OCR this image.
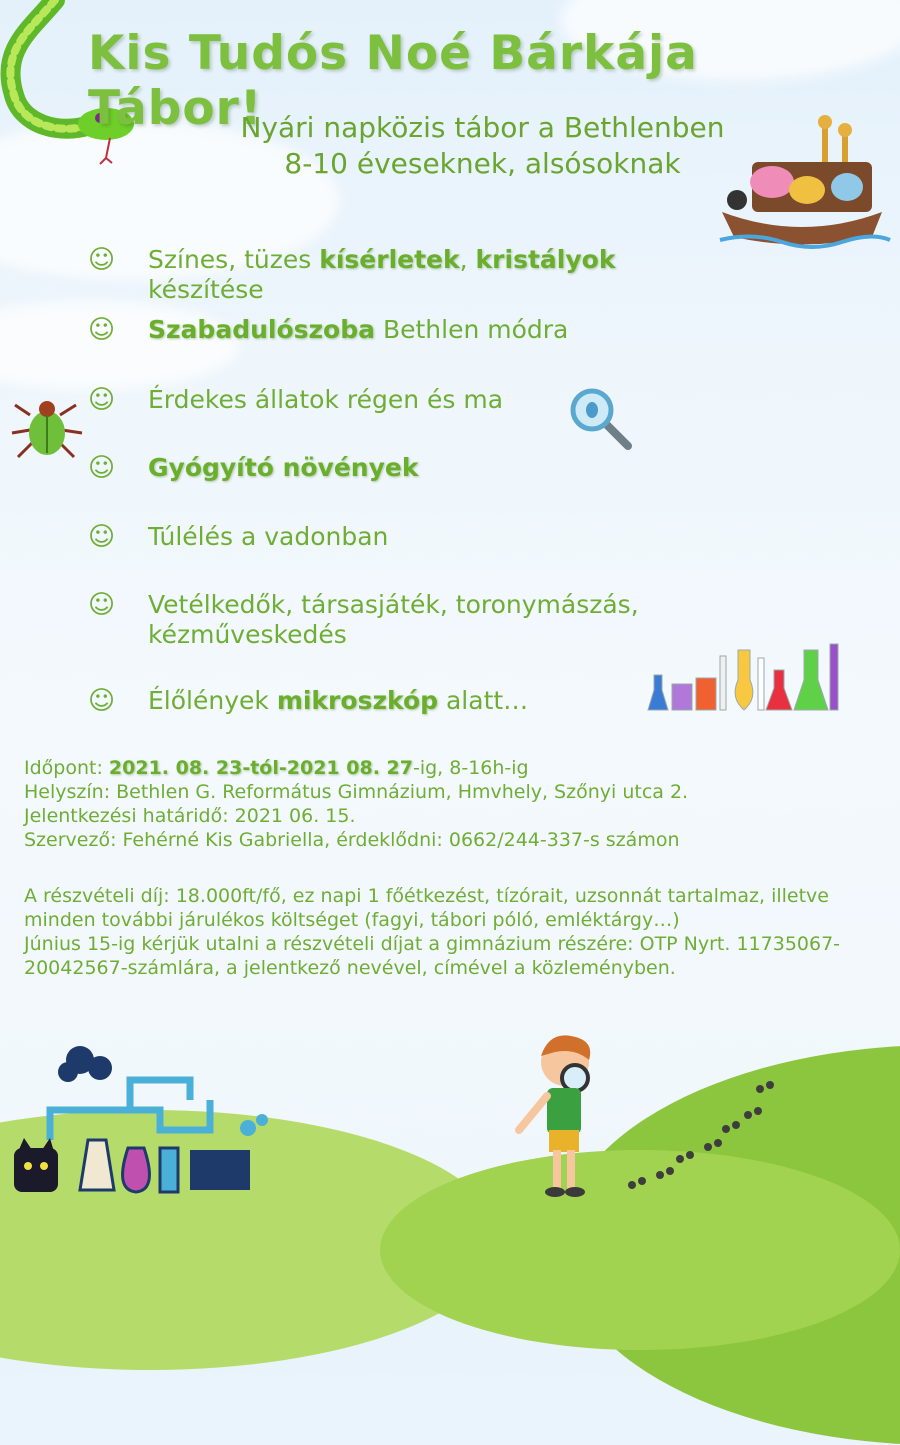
Kis Tudós Noé Bárkája Tábor!
Nyári napközis tábor a Bethlenben
8-10 éveseknek, alsósoknak
☺ Színes, tüzes kísérletek, kristályok készítése
☺ Szabadulószoba Bethlen módra
☺ Érdekes állatok régen és ma
☺ Gyógyító növények
☺ Túlélés a vadonban
☺ Vetélkedők, társasjáték, toronymászás, kézműveskedés
☺ Élőlények mikroszkóp alatt…

Időpont: 2021. 08. 23-tól-2021 08. 27-ig, 8-16h-ig

Helyszín: Bethlen G. Református Gimnázium, Hmvhely, Szőnyi utca 2.

Jelentkezési határidő: 2021 06. 15.

Szervező: Fehérné Kis Gabriella, érdeklődni: 0662/244-337-s számon

A részvételi díj: 18.000ft/fő, ez napi 1 főétkezést, tízórait, uzsonnát tartalmaz, illetve minden további járulékos költséget (fagyi, tábori póló, emléktárgy…)

Június 15-ig kérjük utalni a részvételi díjat a gimnázium részére: OTP Nyrt. 11735067-20042567-számlára, a jelentkező nevével, címével a közleményben.
